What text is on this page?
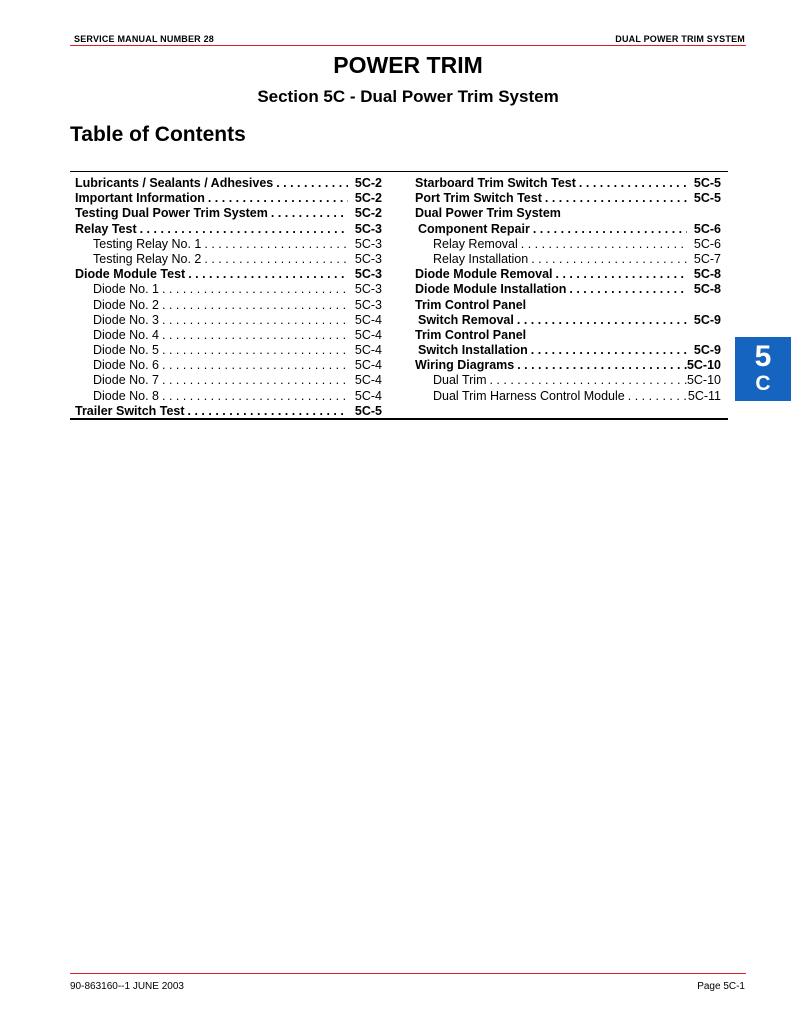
SERVICE MANUAL NUMBER 28	DUAL POWER TRIM SYSTEM
POWER TRIM
Section 5C - Dual Power Trim System
Table of Contents
Lubricants / Sealants / Adhesives . . .	5C-2
Important Information . . .	5C-2
Testing Dual Power Trim System . . .	5C-2
Relay Test . . .	5C-3
Testing Relay No. 1 . . .	5C-3
Testing Relay No. 2 . . .	5C-3
Diode Module Test . . .	5C-3
Diode No. 1 . . .	5C-3
Diode No. 2 . . .	5C-3
Diode No. 3 . . .	5C-4
Diode No. 4 . . .	5C-4
Diode No. 5 . . .	5C-4
Diode No. 6 . . .	5C-4
Diode No. 7 . . .	5C-4
Diode No. 8 . . .	5C-4
Trailer Switch Test . . .	5C-5
Starboard Trim Switch Test . . .	5C-5
Port Trim Switch Test . . .	5C-5
Dual Power Trim System
Component Repair . . .	5C-6
Relay Removal . . .	5C-6
Relay Installation . . .	5C-7
Diode Module Removal . . .	5C-8
Diode Module Installation . . .	5C-8
Trim Control Panel
Switch Removal . . .	5C-9
Trim Control Panel
Switch Installation . . .	5C-9
Wiring Diagrams . . .	5C-10
Dual Trim . . .	5C-10
Dual Trim Harness Control Module . . .	5C-11
5
C
90-863160--1 JUNE 2003	Page 5C-1
